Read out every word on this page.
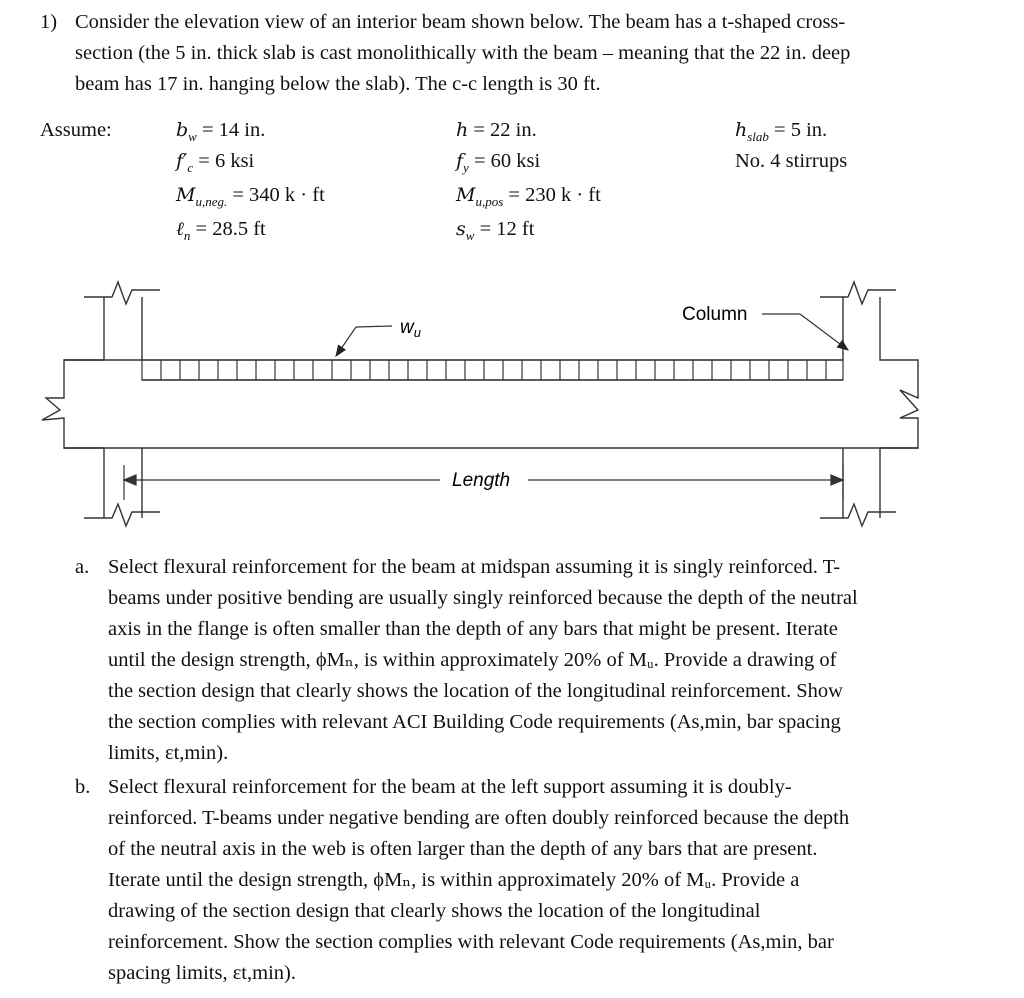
1) Consider the elevation view of an interior beam shown below. The beam has a t-shaped cross-
section (the 5 in. thick slab is cast monolithically with the beam – meaning that the 22 in. deep
beam has 17 in. hanging below the slab). The c-c length is 30 ft.
Assume:	$b_w = 14$ in.
$f'_c = 6$ ksi
$M_{u,neg.} = 340$ k · ft
ℓ$_n$ = 28.5 ft
h = 22 in.
$f_y = 60$ ksi
$M_{u,pos} = 230$ k · ft
$s_w = 12$ ft
$h_{slab} = 5$ in.
No. 4 stirrups
$w_u$
Column
Length
a. Select flexural reinforcement for the beam at midspan assuming it is singly reinforced. T-
beams under positive bending are usually singly reinforced because the depth of the neutral
axis in the flange is often smaller than the depth of any bars that might be present. Iterate
until the design strength, ϕMₙ, is within approximately 20% of Mᵤ. Provide a drawing of
the section design that clearly shows the location of the longitudinal reinforcement. Show
the section complies with relevant ACI Building Code requirements (As,min, bar spacing
limits, εt,min).
b. Select flexural reinforcement for the beam at the left support assuming it is doubly-
reinforced. T-beams under negative bending are often doubly reinforced because the depth
of the neutral axis in the web is often larger than the depth of any bars that are present.
Iterate until the design strength, ϕMₙ, is within approximately 20% of Mᵤ. Provide a
drawing of the section design that clearly shows the location of the longitudinal
reinforcement. Show the section complies with relevant Code requirements (As,min, bar
spacing limits, εt,min).
